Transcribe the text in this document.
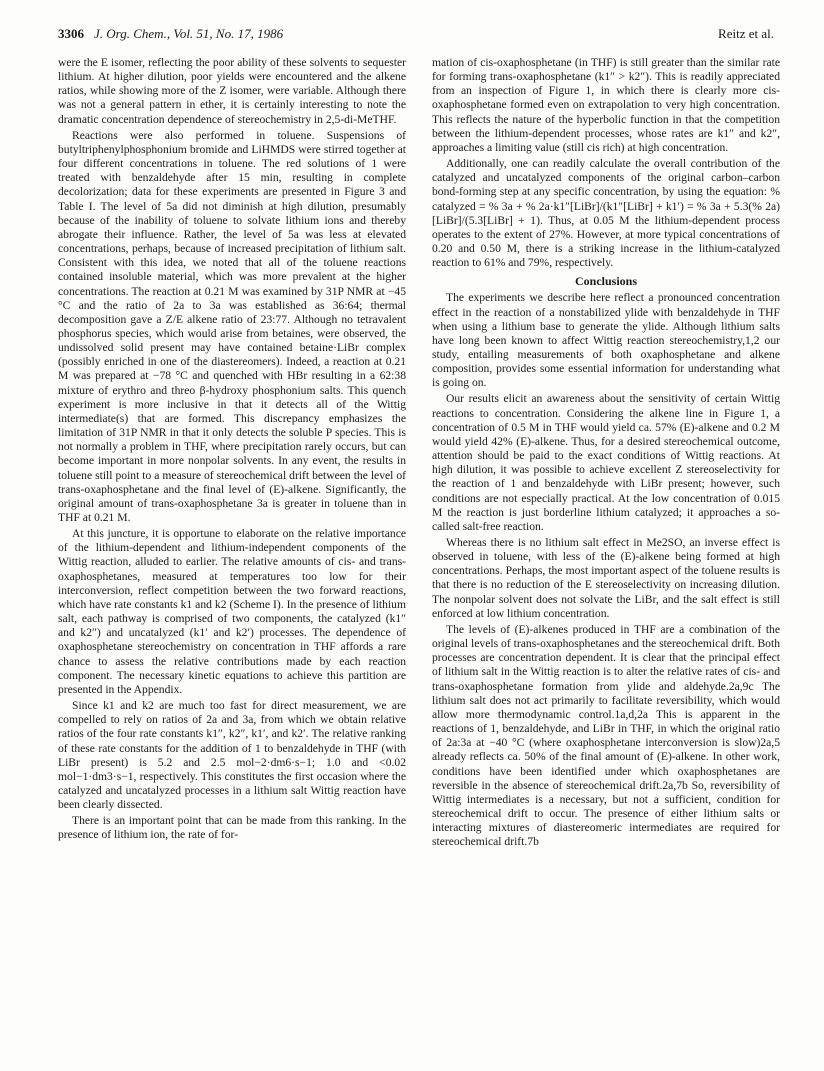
3306 J. Org. Chem., Vol. 51, No. 17, 1986	Reitz et al.

were the E isomer, reflecting the poor ability of these solvents to sequester lithium. At higher dilution, poor yields were encountered and the alkene ratios, while showing more of the Z isomer, were variable. Although there was not a general pattern in ether, it is certainly interesting to note the dramatic concentration dependence of stereochemistry in 2,5-di-MeTHF.

Reactions were also performed in toluene. Suspensions of butyltriphenylphosphonium bromide and LiHMDS were stirred together at four different concentrations in toluene. The red solutions of 1 were treated with benzaldehyde after 15 min, resulting in complete decolorization; data for these experiments are presented in Figure 3 and Table I. The level of 5a did not diminish at high dilution, presumably because of the inability of toluene to solvate lithium ions and thereby abrogate their influence. Rather, the level of 5a was less at elevated concentrations, perhaps, because of increased precipitation of lithium salt. Consistent with this idea, we noted that all of the toluene reactions contained insoluble material, which was more prevalent at the higher concentrations. The reaction at 0.21 M was examined by 31P NMR at −45 °C and the ratio of 2a to 3a was established as 36:64; thermal decomposition gave a Z/E alkene ratio of 23:77. Although no tetravalent phosphorus species, which would arise from betaines, were observed, the undissolved solid present may have contained betaine·LiBr complex (possibly enriched in one of the diastereomers). Indeed, a reaction at 0.21 M was prepared at −78 °C and quenched with HBr resulting in a 62:38 mixture of erythro and threo β-hydroxy phosphonium salts. This quench experiment is more inclusive in that it detects all of the Wittig intermediate(s) that are formed. This discrepancy emphasizes the limitation of 31P NMR in that it only detects the soluble P species. This is not normally a problem in THF, where precipitation rarely occurs, but can become important in more nonpolar solvents. In any event, the results in toluene still point to a measure of stereochemical drift between the level of trans-oxaphosphetane and the final level of (E)-alkene. Significantly, the original amount of trans-oxaphosphetane 3a is greater in toluene than in THF at 0.21 M.

At this juncture, it is opportune to elaborate on the relative importance of the lithium-dependent and lithium-independent components of the Wittig reaction, alluded to earlier. The relative amounts of cis- and trans-oxaphosphetanes, measured at temperatures too low for their interconversion, reflect competition between the two forward reactions, which have rate constants k1 and k2 (Scheme I). In the presence of lithium salt, each pathway is comprised of two components, the catalyzed (k1″ and k2″) and uncatalyzed (k1′ and k2′) processes. The dependence of oxaphosphetane stereochemistry on concentration in THF affords a rare chance to assess the relative contributions made by each reaction component. The necessary kinetic equations to achieve this partition are presented in the Appendix.

Since k1 and k2 are much too fast for direct measurement, we are compelled to rely on ratios of 2a and 3a, from which we obtain relative ratios of the four rate constants k1″, k2″, k1′, and k2′. The relative ranking of these rate constants for the addition of 1 to benzaldehyde in THF (with LiBr present) is 5.2 and 2.5 mol−2·dm6·s−1; 1.0 and <0.02 mol−1·dm3·s−1, respectively. This constitutes the first occasion where the catalyzed and uncatalyzed processes in a lithium salt Wittig reaction have been clearly dissected.

There is an important point that can be made from this ranking. In the presence of lithium ion, the rate of for-

mation of cis-oxaphosphetane (in THF) is still greater than the similar rate for forming trans-oxaphosphetane (k1″ > k2″). This is readily appreciated from an inspection of Figure 1, in which there is clearly more cis-oxaphosphetane formed even on extrapolation to very high concentration. This reflects the nature of the hyperbolic function in that the competition between the lithium-dependent processes, whose rates are k1″ and k2″, approaches a limiting value (still cis rich) at high concentration.

Additionally, one can readily calculate the overall contribution of the catalyzed and uncatalyzed components of the original carbon–carbon bond-forming step at any specific concentration, by using the equation: % catalyzed = % 3a + % 2a·k1″[LiBr]/(k1″[LiBr] + k1′) = % 3a + 5.3(% 2a)[LiBr]/(5.3[LiBr] + 1). Thus, at 0.05 M the lithium-dependent process operates to the extent of 27%. However, at more typical concentrations of 0.20 and 0.50 M, there is a striking increase in the lithium-catalyzed reaction to 61% and 79%, respectively.

Conclusions

The experiments we describe here reflect a pronounced concentration effect in the reaction of a nonstabilized ylide with benzaldehyde in THF when using a lithium base to generate the ylide. Although lithium salts have long been known to affect Wittig reaction stereochemistry,1,2 our study, entailing measurements of both oxaphosphetane and alkene composition, provides some essential information for understanding what is going on.

Our results elicit an awareness about the sensitivity of certain Wittig reactions to concentration. Considering the alkene line in Figure 1, a concentration of 0.5 M in THF would yield ca. 57% (E)-alkene and 0.2 M would yield 42% (E)-alkene. Thus, for a desired stereochemical outcome, attention should be paid to the exact conditions of Wittig reactions. At high dilution, it was possible to achieve excellent Z stereoselectivity for the reaction of 1 and benzaldehyde with LiBr present; however, such conditions are not especially practical. At the low concentration of 0.015 M the reaction is just borderline lithium catalyzed; it approaches a so-called salt-free reaction.

Whereas there is no lithium salt effect in Me2SO, an inverse effect is observed in toluene, with less of the (E)-alkene being formed at high concentrations. Perhaps, the most important aspect of the toluene results is that there is no reduction of the E stereoselectivity on increasing dilution. The nonpolar solvent does not solvate the LiBr, and the salt effect is still enforced at low lithium concentration.

The levels of (E)-alkenes produced in THF are a combination of the original levels of trans-oxaphosphetanes and the stereochemical drift. Both processes are concentration dependent. It is clear that the principal effect of lithium salt in the Wittig reaction is to alter the relative rates of cis- and trans-oxaphosphetane formation from ylide and aldehyde.2a,9c The lithium salt does not act primarily to facilitate reversibility, which would allow more thermodynamic control.1a,d,2a This is apparent in the reactions of 1, benzaldehyde, and LiBr in THF, in which the original ratio of 2a:3a at −40 °C (where oxaphosphetane interconversion is slow)2a,5 already reflects ca. 50% of the final amount of (E)-alkene. In other work, conditions have been identified under which oxaphosphetanes are reversible in the absence of stereochemical drift.2a,7b So, reversibility of Wittig intermediates is a necessary, but not a sufficient, condition for stereochemical drift to occur. The presence of either lithium salts or interacting mixtures of diastereomeric intermediates are required for stereochemical drift.7b
